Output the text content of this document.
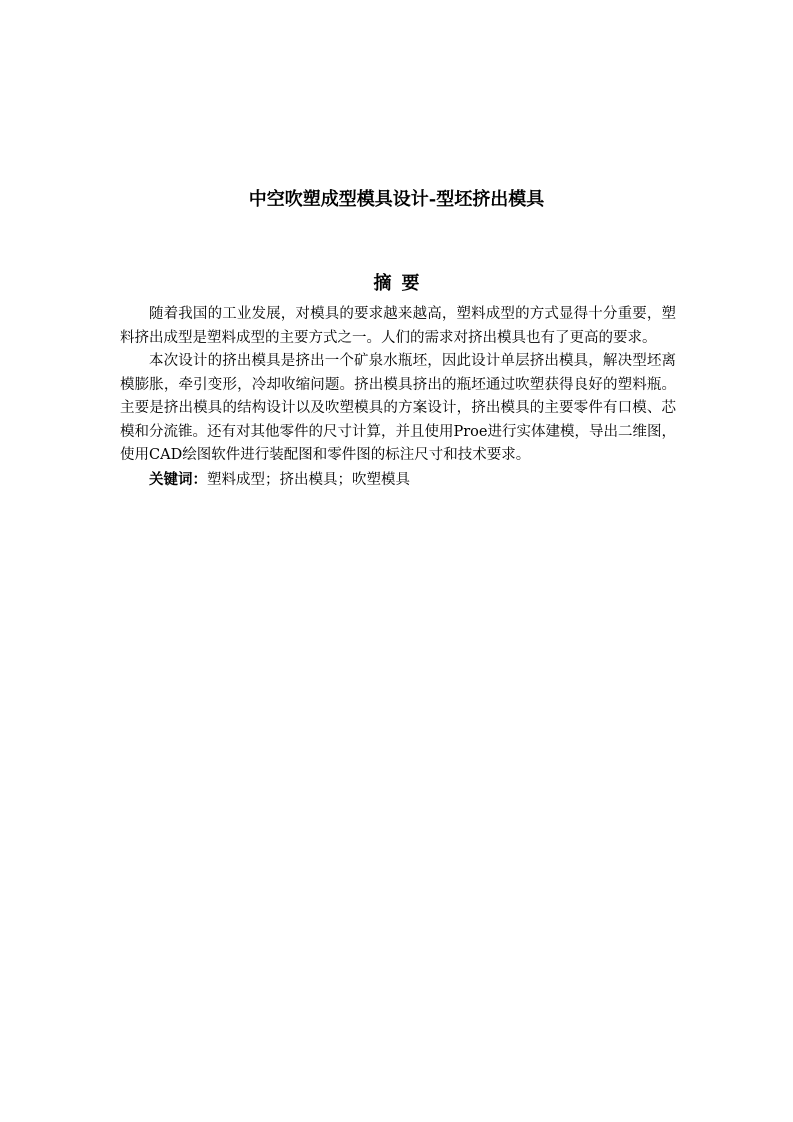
中空吹塑成型模具设计-型坯挤出模具
摘要

随着我国的工业发展，对模具的要求越来越高，塑料成型的方式显得十分重要，塑料挤出成型是塑料成型的主要方式之一。人们的需求对挤出模具也有了更高的要求。

本次设计的挤出模具是挤出一个矿泉水瓶坯，因此设计单层挤出模具，解决型坯离模膨胀，牵引变形，冷却收缩问题。挤出模具挤出的瓶坯通过吹塑获得良好的塑料瓶。主要是挤出模具的结构设计以及吹塑模具的方案设计，挤出模具的主要零件有口模、芯模和分流锥。还有对其他零件的尺寸计算，并且使用Proe进行实体建模，导出二维图，使用CAD绘图软件进行装配图和零件图的标注尺寸和技术要求。

关键词：塑料成型；挤出模具；吹塑模具
